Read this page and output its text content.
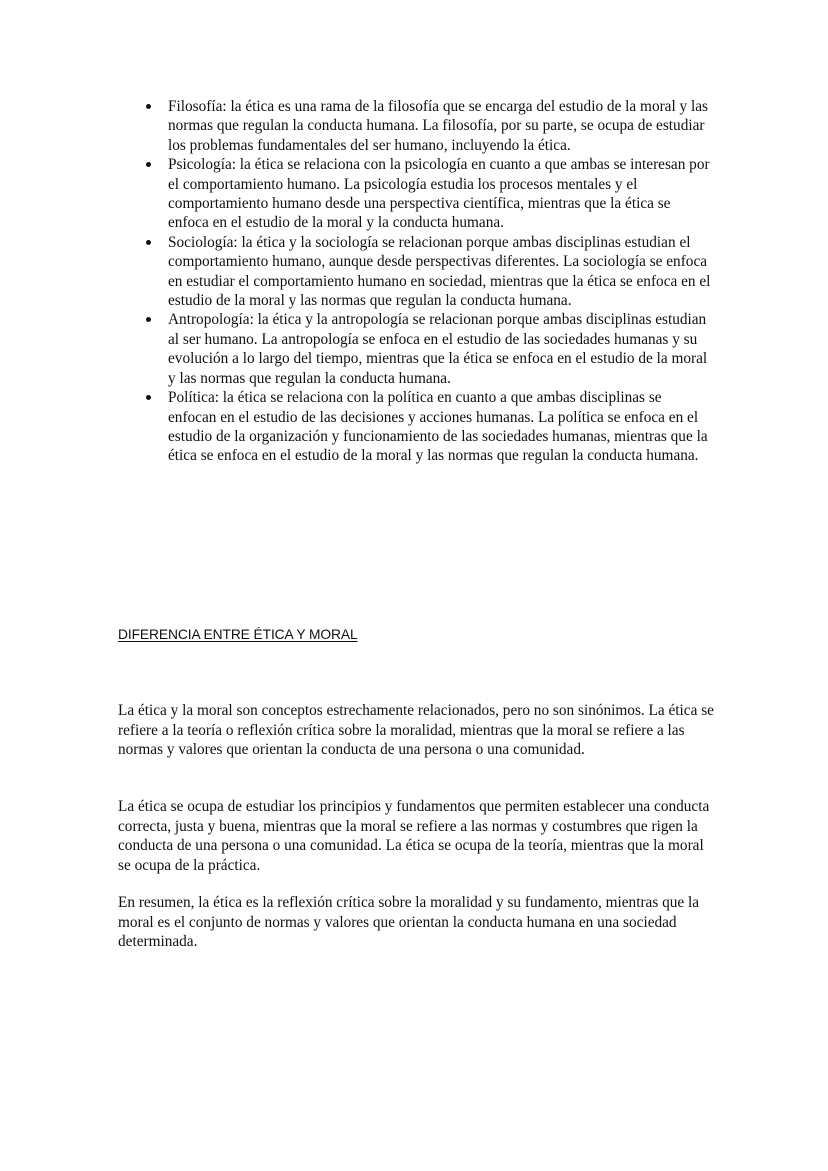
Filosofía: la ética es una rama de la filosofía que se encarga del estudio de la moral y las normas que regulan la conducta humana. La filosofía, por su parte, se ocupa de estudiar los problemas fundamentales del ser humano, incluyendo la ética.
Psicología: la ética se relaciona con la psicología en cuanto a que ambas se interesan por el comportamiento humano. La psicología estudia los procesos mentales y el comportamiento humano desde una perspectiva científica, mientras que la ética se enfoca en el estudio de la moral y la conducta humana.
Sociología: la ética y la sociología se relacionan porque ambas disciplinas estudian el comportamiento humano, aunque desde perspectivas diferentes. La sociología se enfoca en estudiar el comportamiento humano en sociedad, mientras que la ética se enfoca en el estudio de la moral y las normas que regulan la conducta humana.
Antropología: la ética y la antropología se relacionan porque ambas disciplinas estudian al ser humano. La antropología se enfoca en el estudio de las sociedades humanas y su evolución a lo largo del tiempo, mientras que la ética se enfoca en el estudio de la moral y las normas que regulan la conducta humana.
Política: la ética se relaciona con la política en cuanto a que ambas disciplinas se enfocan en el estudio de las decisiones y acciones humanas. La política se enfoca en el estudio de la organización y funcionamiento de las sociedades humanas, mientras que la ética se enfoca en el estudio de la moral y las normas que regulan la conducta humana.
DIFERENCIA ENTRE ÉTICA Y MORAL

La ética y la moral son conceptos estrechamente relacionados, pero no son sinónimos. La ética se refiere a la teoría o reflexión crítica sobre la moralidad, mientras que la moral se refiere a las normas y valores que orientan la conducta de una persona o una comunidad.

La ética se ocupa de estudiar los principios y fundamentos que permiten establecer una conducta correcta, justa y buena, mientras que la moral se refiere a las normas y costumbres que rigen la conducta de una persona o una comunidad. La ética se ocupa de la teoría, mientras que la moral se ocupa de la práctica.

En resumen, la ética es la reflexión crítica sobre la moralidad y su fundamento, mientras que la moral es el conjunto de normas y valores que orientan la conducta humana en una sociedad determinada.
